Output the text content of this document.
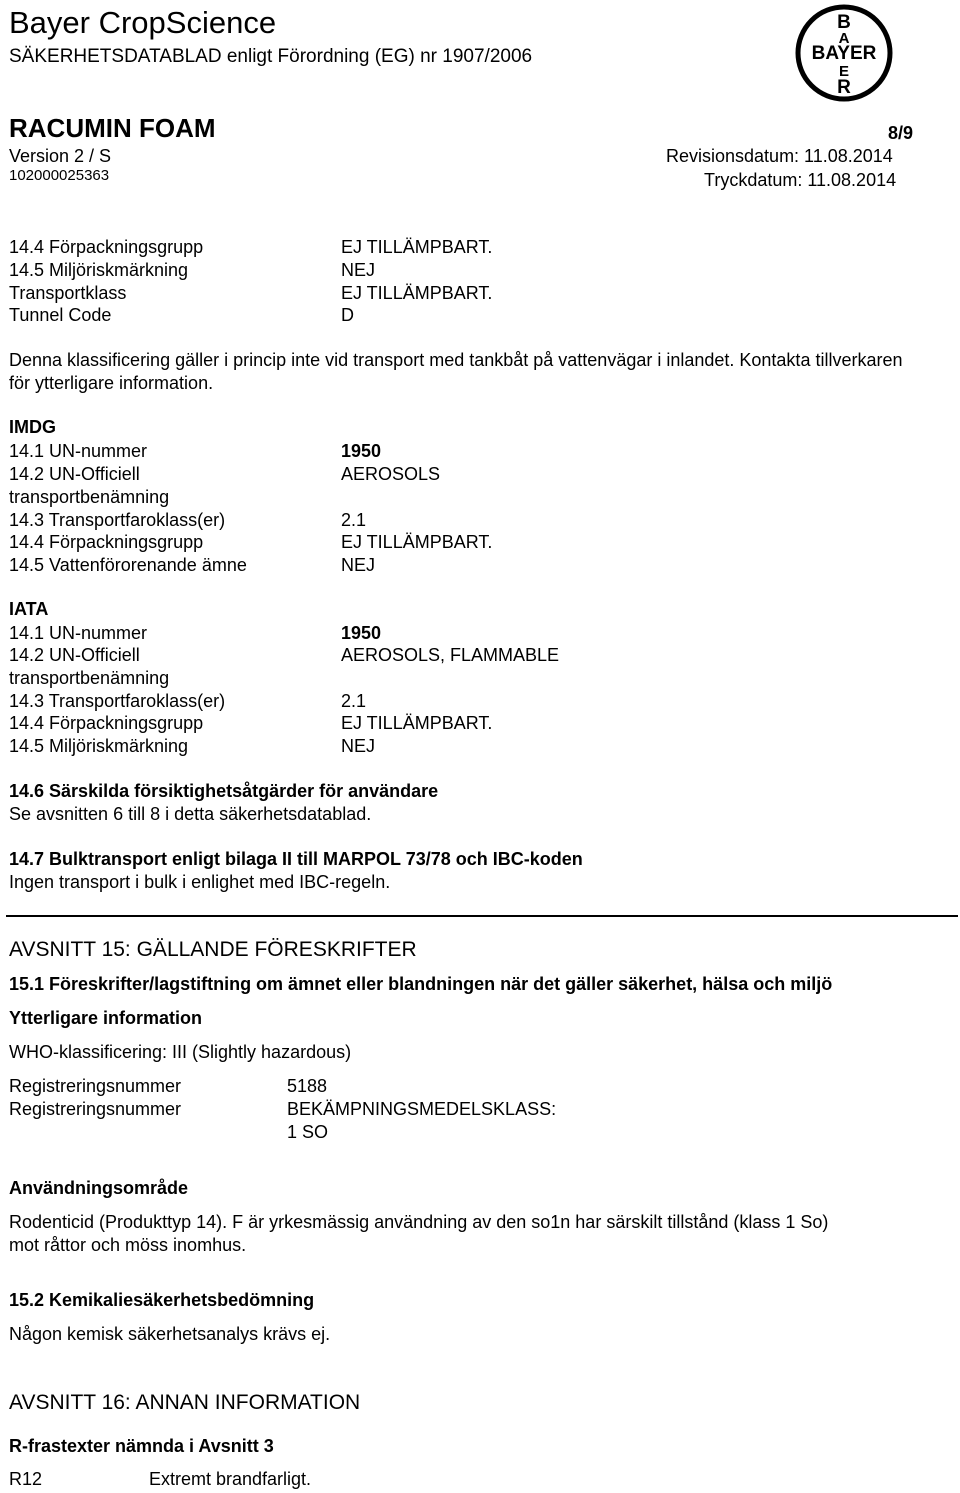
Bayer CropScience
SÄKERHETSDATABLAD enligt Förordning (EG) nr 1907/2006
RACUMIN FOAM	8/9
Version 2 / S
102000025363
Revisionsdatum: 11.08.2014
Tryckdatum: 11.08.2014
B
A
BAYER
E
R
14.4 Förpackningsgrupp	EJ TILLÄMPBART.
14.5 Miljöriskmärkning	NEJ
Transportklass	EJ TILLÄMPBART.
Tunnel Code	D
Denna klassificering gäller i princip inte vid transport med tankbåt på vattenvägar i inlandet. Kontakta tillverkaren för ytterligare information.
IMDG
14.1 UN-nummer	1950
14.2 UN-Officiell	AEROSOLS
transportbenämning
14.3 Transportfaroklass(er)	2.1
14.4 Förpackningsgrupp	EJ TILLÄMPBART.
14.5 Vattenförorenande ämne	NEJ
IATA
14.1 UN-nummer	1950
14.2 UN-Officiell	AEROSOLS, FLAMMABLE
transportbenämning
14.3 Transportfaroklass(er)	2.1
14.4 Förpackningsgrupp	EJ TILLÄMPBART.
14.5 Miljöriskmärkning	NEJ
14.6 Särskilda försiktighetsåtgärder för användare
Se avsnitten 6 till 8 i detta säkerhetsdatablad.
14.7 Bulktransport enligt bilaga II till MARPOL 73/78 och IBC-koden
Ingen transport i bulk i enlighet med IBC-regeln.
AVSNITT 15: GÄLLANDE FÖRESKRIFTER
15.1 Föreskrifter/lagstiftning om ämnet eller blandningen när det gäller säkerhet, hälsa och miljö
Ytterligare information
WHO-klassificering: III (Slightly hazardous)
Registreringsnummer	5188
Registreringsnummer	BEKÄMPNINGSMEDELSKLASS:
1 SO
Användningsområde
Rodenticid (Produkttyp 14). F är yrkesmässig användning av den so1n har särskilt tillstånd (klass 1 So)
mot råttor och möss inomhus.
15.2 Kemikaliesäkerhetsbedömning
Någon kemisk säkerhetsanalys krävs ej.
AVSNITT 16: ANNAN INFORMATION
R-frastexter nämnda i Avsnitt 3
R12	Extremt brandfarligt.
